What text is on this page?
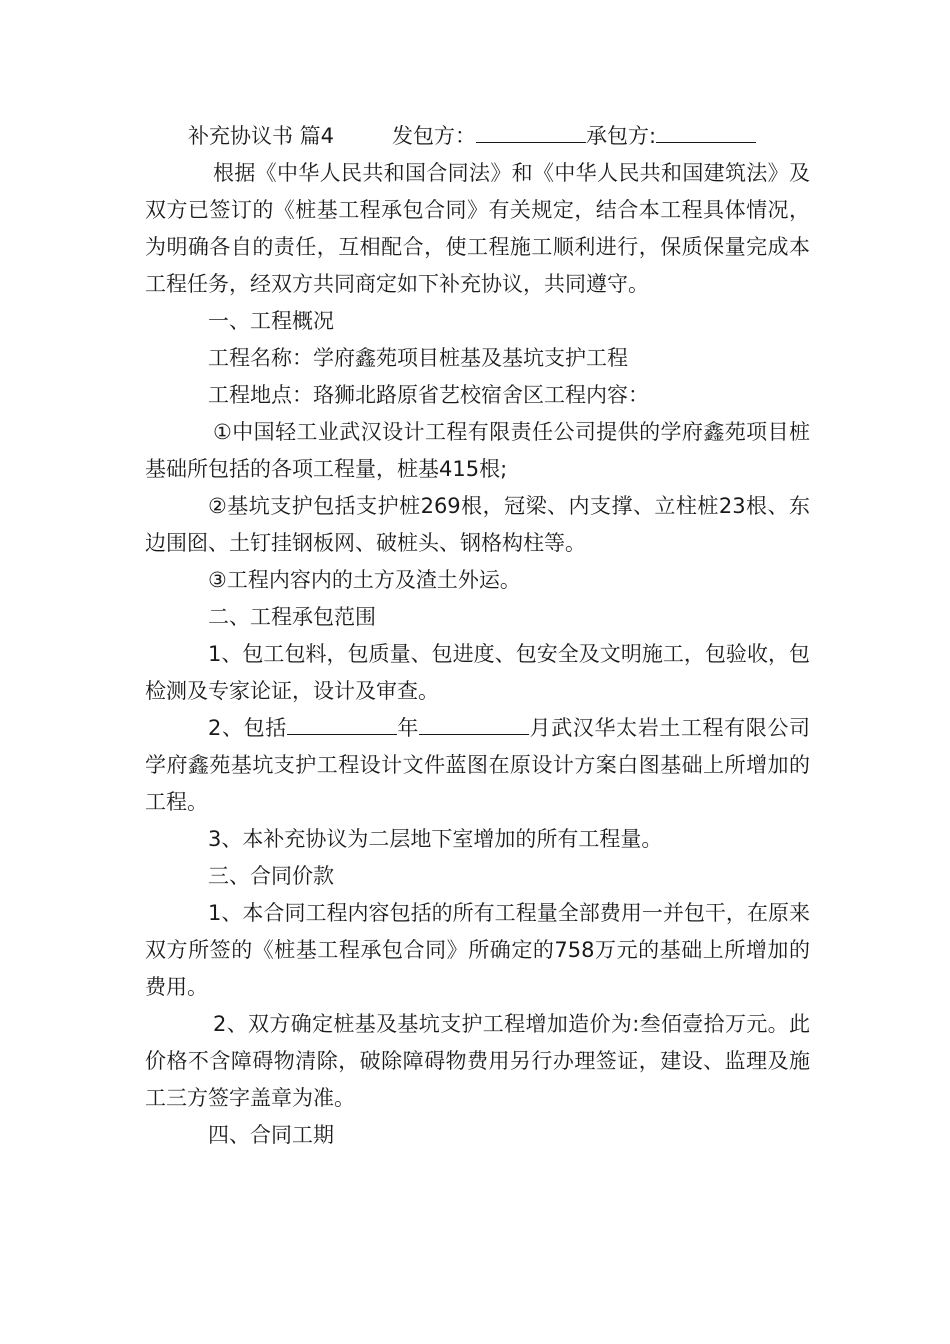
补充协议书 篇4	发包方：	承包方:

根据《中华人民共和国合同法》和《中华人民共和国建筑法》及双方已签订的《桩基工程承包合同》有关规定，结合本工程具体情况，为明确各自的责任，互相配合，使工程施工顺利进行，保质保量完成本工程任务，经双方共同商定如下补充协议，共同遵守。

一、工程概况

工程名称：学府鑫苑项目桩基及基坑支护工程

工程地点：珞狮北路原省艺校宿舍区工程内容：

①中国轻工业武汉设计工程有限责任公司提供的学府鑫苑项目桩基础所包括的各项工程量，桩基415根;

②基坑支护包括支护桩269根，冠梁、内支撑、立柱桩23根、东边围囵、土钉挂钢板网、破桩头、钢格构柱等。

③工程内容内的土方及渣土外运。

二、工程承包范围

1、包工包料，包质量、包进度、包安全及文明施工，包验收，包检测及专家论证，设计及审查。

2、包括	年	月武汉华太岩土工程有限公司学府鑫苑基坑支护工程设计文件蓝图在原设计方案白图基础上所增加的工程。

3、本补充协议为二层地下室增加的所有工程量。

三、合同价款

1、本合同工程内容包括的所有工程量全部费用一并包干，在原来双方所签的《桩基工程承包合同》所确定的758万元的基础上所增加的费用。

2、双方确定桩基及基坑支护工程增加造价为:叁佰壹拾万元。此价格不含障碍物清除，破除障碍物费用另行办理签证，建设、监理及施工三方签字盖章为准。

四、合同工期
